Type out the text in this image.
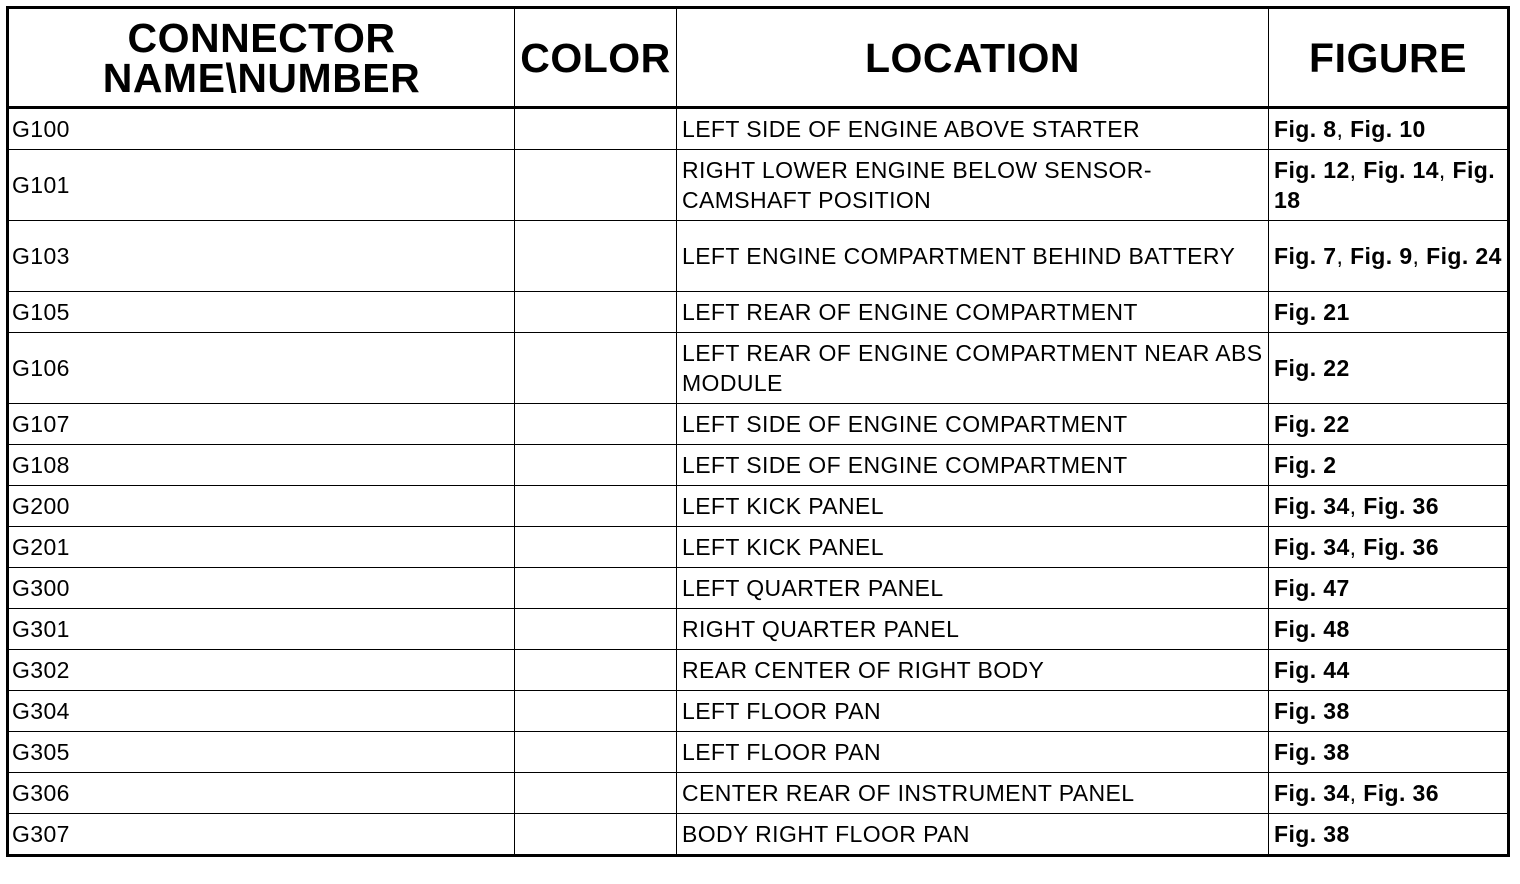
CONNECTOR
NAME\NUMBER	COLOR	LOCATION	FIGURE
G100		LEFT SIDE OF ENGINE ABOVE STARTER	Fig. 8, Fig. 10
G101		RIGHT LOWER ENGINE BELOW SENSOR-CAMSHAFT POSITION	Fig. 12, Fig. 14, Fig. 18
G103		LEFT ENGINE COMPARTMENT BEHIND BATTERY	Fig. 7, Fig. 9, Fig. 24
G105		LEFT REAR OF ENGINE COMPARTMENT	Fig. 21
G106		LEFT REAR OF ENGINE COMPARTMENT NEAR ABS MODULE	Fig. 22
G107		LEFT SIDE OF ENGINE COMPARTMENT	Fig. 22
G108		LEFT SIDE OF ENGINE COMPARTMENT	Fig. 2
G200		LEFT KICK PANEL	Fig. 34, Fig. 36
G201		LEFT KICK PANEL	Fig. 34, Fig. 36
G300		LEFT QUARTER PANEL	Fig. 47
G301		RIGHT QUARTER PANEL	Fig. 48
G302		REAR CENTER OF RIGHT BODY	Fig. 44
G304		LEFT FLOOR PAN	Fig. 38
G305		LEFT FLOOR PAN	Fig. 38
G306		CENTER REAR OF INSTRUMENT PANEL	Fig. 34, Fig. 36
G307		BODY RIGHT FLOOR PAN	Fig. 38
